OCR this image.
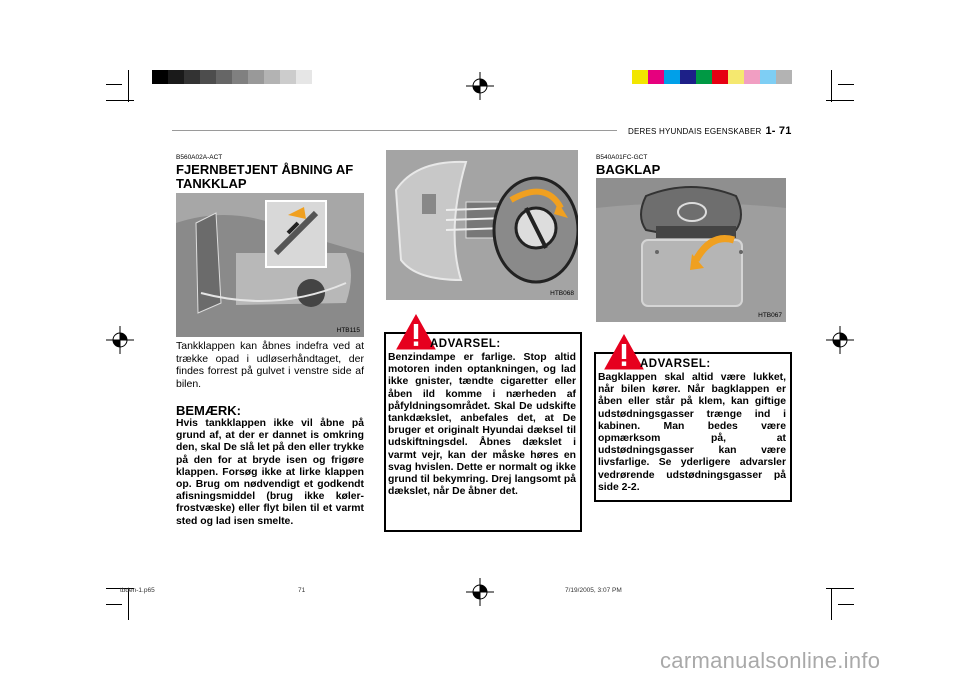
DERES HYUNDAIS EGENSKABER 1- 71
B560A02A-ACT
FJERNBETJENT ÅBNING AF TANKKLAP
HTB115
Tankklappen kan åbnes indefra ved at trække opad i udløserhåndtaget, der findes forrest på gulvet i venstre side af bilen.
BEMÆRK:
Hvis tankklappen ikke vil åbne på grund af, at der er dannet is omkring den, skal De slå let på den eller trykke på den for at bryde isen og frigøre klappen. Forsøg ikke at lirke klappen op. Brug om nødvendigt et godkendt afisningsmiddel (brug ikke køler-frostvæske) eller flyt bilen til et varmt sted og lad isen smelte.
HTB068
ADVARSEL:
Benzindampe er farlige. Stop altid motoren inden optankningen, og lad ikke gnister, tændte cigaretter eller åben ild komme i nærheden af påfyldningsområdet. Skal De udskifte tankdækslet, anbefales det, at De bruger et originalt Hyundai dæksel til udskiftningsdel. Åbnes dækslet i varmt vejr, kan der måske høres en svag hvislen. Dette er normalt og ikke grund til bekymring. Drej langsomt på dækslet, når De åbner det.
B540A01FC-GCT
BAGKLAP
HTB067
ADVARSEL:
Bagklappen skal altid være lukket, når bilen kører. Når bagklappen er åben eller står på klem, kan giftige udstødningsgasser trænge ind i kabinen. Man bedes være opmærksom på, at udstødningsgasser kan være livsfarlige. Se yderligere advarsler vedrørende udstødningsgasser på side 2-2.
tbden-1.p65	71	7/19/2005, 3:07 PM
carmanualsonline.info
